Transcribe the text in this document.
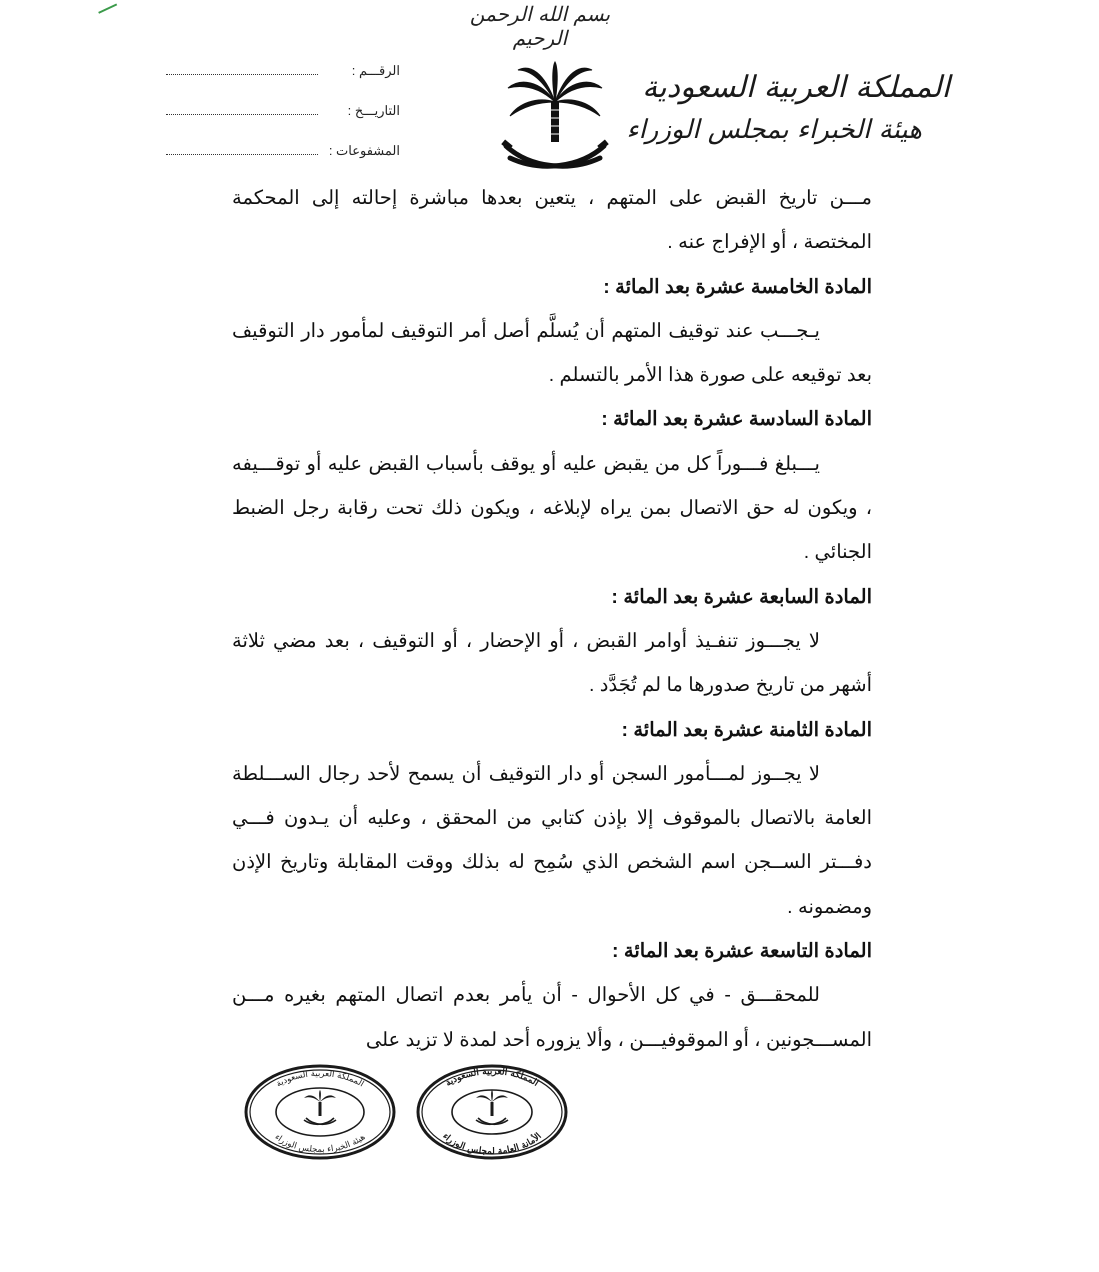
بسم الله الرحمن الرحيم
المملكة العربية السعودية
هيئة الخبراء بمجلس الوزراء
الرقـــم :
التاريـــخ :
المشفوعات :

مـــن تاريخ القبض على المتهم ، يتعين بعدها مباشرة إحالته إلى المحكمة المختصة ، أو الإفراج عنه .

المادة الخامسة عشرة بعد المائة :

يـجـــب عند توقيف المتهم أن يُسلَّم أصل أمر التوقيف لمأمور دار التوقيف بعد توقيعه على صورة هذا الأمر بالتسلم .

المادة السادسة عشرة بعد المائة :

يـــبلغ فـــوراً كل من يقبض عليه أو يوقف بأسباب القبض عليه أو توقـــيفه ، ويكون له حق الاتصال بمن يراه لإبلاغه ، ويكون ذلك تحت رقابة رجل الضبط الجنائي .

المادة السابعة عشرة بعد المائة :

لا يجـــوز تنفـيذ أوامر القبض ، أو الإحضار ، أو التوقيف ، بعد مضي ثلاثة أشهر من تاريخ صدورها ما لم تُجَدَّد .

المادة الثامنة عشرة بعد المائة :

لا يجــوز لمـــأمور السجن أو دار التوقيف أن يسمح لأحد رجال الســـلطة العامة بالاتصال بالموقوف إلا بإذن كتابي من المحقق ، وعليه أن يـدون فـــي دفـــتر الســجن اسم الشخص الذي سُمِح له بذلك ووقت المقابلة وتاريخ الإذن ومضمونه .

المادة التاسعة عشرة بعد المائة :

للمحقـــق - في كل الأحوال - أن يأمر بعدم اتصال المتهم بغيره مـــن المســـجونين ، أو الموقوفيـــن ، وألا يزوره أحد لمدة لا تزيد على

المملكة العربية السعودية
هيئة الخبراء بمجلس الوزراء
المملكة العربية السعودية
الأمانة العامة لمجلس الوزراء
